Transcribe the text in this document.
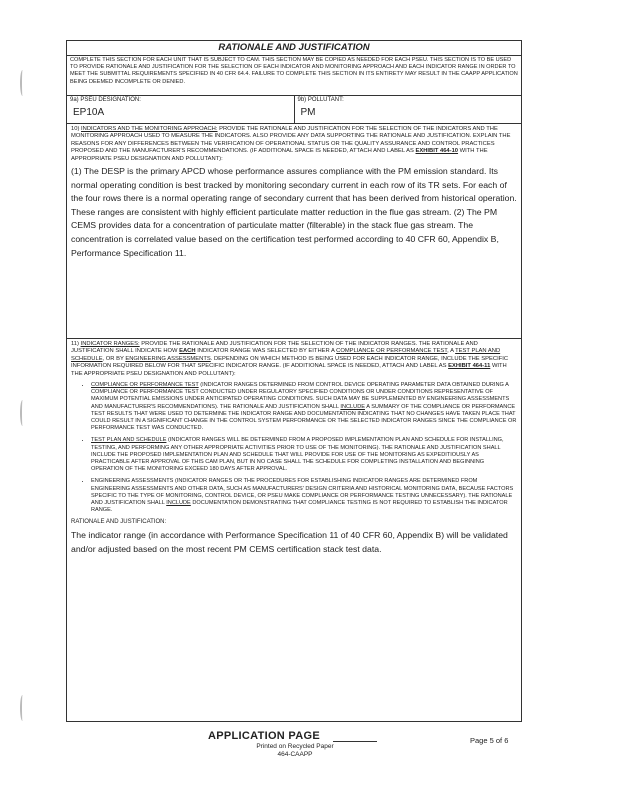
RATIONALE AND JUSTIFICATION
COMPLETE THIS SECTION FOR EACH UNIT THAT IS SUBJECT TO CAM. THIS SECTION MAY BE COPIED AS NEEDED FOR EACH PSEU. THIS SECTION IS TO BE USED TO PROVIDE RATIONALE AND JUSTIFICATION FOR THE SELECTION OF EACH INDICATOR AND MONITORING APPROACH AND EACH INDICATOR RANGE IN ORDER TO MEET THE SUBMITTAL REQUIREMENTS SPECIFIED IN 40 CFR 64.4. FAILURE TO COMPLETE THIS SECTION IN ITS ENTIRETY MAY RESULT IN THE CAAPP APPLICATION BEING DEEMED INCOMPLETE OR DENIED.
9a) PSEU DESIGNATION:
EP10A
9b) POLLUTANT:
PM
10) INDICATORS AND THE MONITORING APPROACH: PROVIDE THE RATIONALE AND JUSTIFICATION FOR THE SELECTION OF THE INDICATORS AND THE MONITORING APPROACH USED TO MEASURE THE INDICATORS. ALSO PROVIDE ANY DATA SUPPORTING THE RATIONALE AND JUSTIFICATION. EXPLAIN THE REASONS FOR ANY DIFFERENCES BETWEEN THE VERIFICATION OF OPERATIONAL STATUS OR THE QUALITY ASSURANCE AND CONTROL PRACTICES PROPOSED AND THE MANUFACTURER'S RECOMMENDATIONS. (IF ADDITIONAL SPACE IS NEEDED, ATTACH AND LABEL AS EXHIBIT 464-10 WITH THE APPROPRIATE PSEU DESIGNATION AND POLLUTANT):
(1) The DESP is the primary APCD whose performance assures compliance with the PM emission standard. Its normal operating condition is best tracked by monitoring secondary current in each row of its TR sets. For each of the four rows there is a normal operating range of secondary current that has been derived from historical operation. These ranges are consistent with highly efficient particulate matter reduction in the flue gas stream. (2) The PM CEMS provides data for a concentration of particulate matter (filterable) in the stack flue gas stream. The concentration is correlated value based on the certification test performed according to 40 CFR 60, Appendix B, Performance Specification 11.
11) INDICATOR RANGES: PROVIDE THE RATIONALE AND JUSTIFICATION FOR THE SELECTION OF THE INDICATOR RANGES. THE RATIONALE AND JUSTIFICATION SHALL INDICATE HOW EACH INDICATOR RANGE WAS SELECTED BY EITHER A COMPLIANCE OR PERFORMANCE TEST, A TEST PLAN AND SCHEDULE, OR BY ENGINEERING ASSESSMENTS. DEPENDING ON WHICH METHOD IS BEING USED FOR EACH INDICATOR RANGE, INCLUDE THE SPECIFIC INFORMATION REQUIRED BELOW FOR THAT SPECIFIC INDICATOR RANGE. (IF ADDITIONAL SPACE IS NEEDED, ATTACH AND LABEL AS EXHIBIT 464-11 WITH THE APPROPRIATE PSEU DESIGNATION AND POLLUTANT):
• COMPLIANCE OR PERFORMANCE TEST (INDICATOR RANGES DETERMINED FROM CONTROL DEVICE OPERATING PARAMETER DATA OBTAINED DURING A COMPLIANCE OR PERFORMANCE TEST CONDUCTED UNDER REGULATORY SPECIFIED CONDITIONS OR UNDER CONDITIONS REPRESENTATIVE OF MAXIMUM POTENTIAL EMISSIONS UNDER ANTICIPATED OPERATING CONDITIONS. SUCH DATA MAY BE SUPPLEMENTED BY ENGINEERING ASSESSMENTS AND MANUFACTURER'S RECOMMENDATIONS). THE RATIONALE AND JUSTIFICATION SHALL INCLUDE A SUMMARY OF THE COMPLIANCE OR PERFORMANCE TEST RESULTS THAT WERE USED TO DETERMINE THE INDICATOR RANGE AND DOCUMENTATION INDICATING THAT NO CHANGES HAVE TAKEN PLACE THAT COULD RESULT IN A SIGNIFICANT CHANGE IN THE CONTROL SYSTEM PERFORMANCE OR THE SELECTED INDICATOR RANGES SINCE THE COMPLIANCE OR PERFORMANCE TEST WAS CONDUCTED.
• TEST PLAN AND SCHEDULE (INDICATOR RANGES WILL BE DETERMINED FROM A PROPOSED IMPLEMENTATION PLAN AND SCHEDULE FOR INSTALLING, TESTING, AND PERFORMING ANY OTHER APPROPRIATE ACTIVITIES PRIOR TO USE OF THE MONITORING). THE RATIONALE AND JUSTIFICATION SHALL INCLUDE THE PROPOSED IMPLEMENTATION PLAN AND SCHEDULE THAT WILL PROVIDE FOR USE OF THE MONITORING AS EXPEDITIOUSLY AS PRACTICABLE AFTER APPROVAL OF THIS CAM PLAN, BUT IN NO CASE SHALL THE SCHEDULE FOR COMPLETING INSTALLATION AND BEGINNING OPERATION OF THE MONITORING EXCEED 180 DAYS AFTER APPROVAL.
• ENGINEERING ASSESSMENTS (INDICATOR RANGES OR THE PROCEDURES FOR ESTABLISHING INDICATOR RANGES ARE DETERMINED FROM ENGINEERING ASSESSMENTS AND OTHER DATA, SUCH AS MANUFACTURERS' DESIGN CRITERIA AND HISTORICAL MONITORING DATA, BECAUSE FACTORS SPECIFIC TO THE TYPE OF MONITORING, CONTROL DEVICE, OR PSEU MAKE COMPLIANCE OR PERFORMANCE TESTING UNNECESSARY). THE RATIONALE AND JUSTIFICATION SHALL INCLUDE DOCUMENTATION DEMONSTRATING THAT COMPLIANCE TESTING IS NOT REQUIRED TO ESTABLISH THE INDICATOR RANGE.
RATIONALE AND JUSTIFICATION:
The indicator range (in accordance with Performance Specification 11 of 40 CFR 60, Appendix B) will be validated and/or adjusted based on the most recent PM CEMS certification stack test data.
APPLICATION PAGE
Printed on Recycled Paper
464-CAAPP
Page 5 of 6
